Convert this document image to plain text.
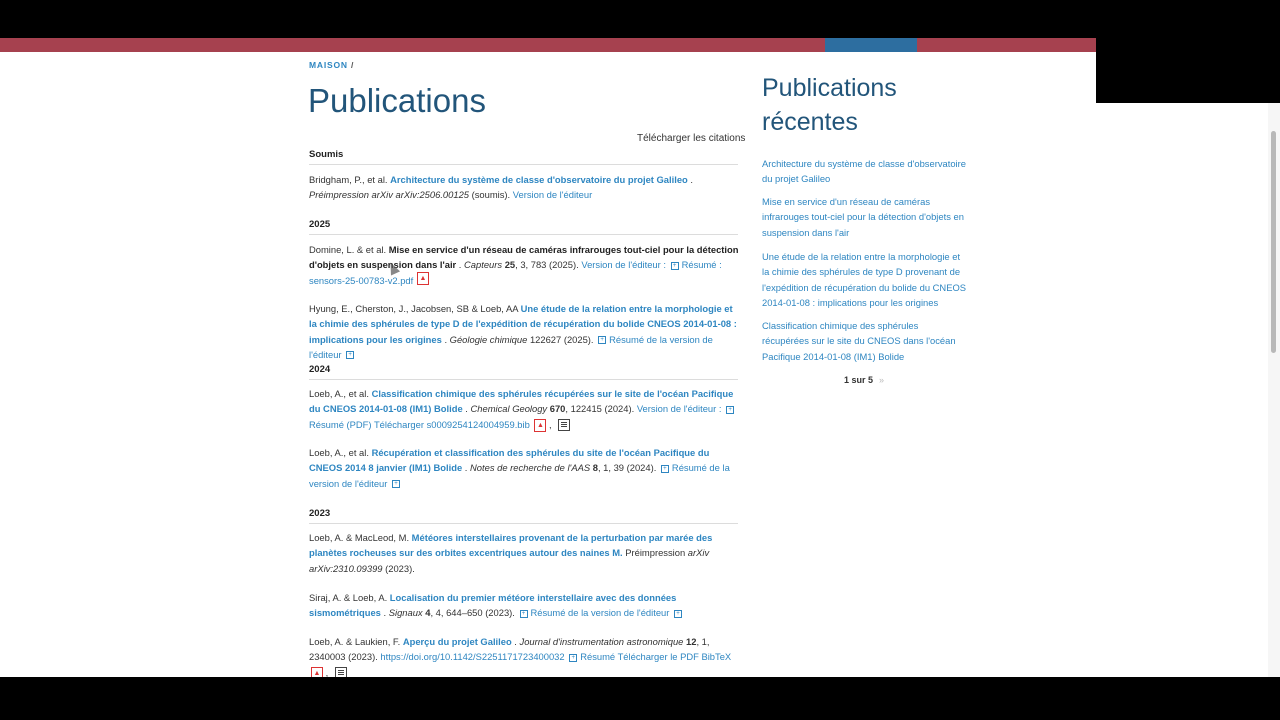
MAISON /
Publications
Télécharger les citations
Soumis
Bridgham, P., et al. Architecture du système de classe d'observatoire du projet Galileo . Préimpression arXiv arXiv:2506.00125 (soumis). Version de l'éditeur
2025
Domine, L. & et al. Mise en service d'un réseau de caméras infrarouges tout-ciel pour la détection d'objets en suspension dans l'air . Capteurs 25, 3, 783 (2025). Version de l'éditeur : + Résumé : sensors-25-00783-v2.pdf ▲
Hyung, E., Cherston, J., Jacobsen, SB & Loeb, AA Une étude de la relation entre la morphologie et la chimie des sphérules de type D de l'expédition de récupération du bolide CNEOS 2014-01-08 : implications pour les origines . Géologie chimique 122627 (2025). + Résumé de la version de l'éditeur +
2024
Loeb, A., et al. Classification chimique des sphérules récupérées sur le site de l'océan Pacifique du CNEOS 2014-01-08 (IM1) Bolide . Chemical Geology 670, 122415 (2024). Version de l'éditeur : +Résumé (PDF) Télécharger s0009254124004959.bib ▲ ,
Loeb, A., et al. Récupération et classification des sphérules du site de l'océan Pacifique du CNEOS 2014 8 janvier (IM1) Bolide . Notes de recherche de l'AAS 8, 1, 39 (2024). + Résumé de la version de l'éditeur +
2023
Loeb, A. & MacLeod, M. Météores interstellaires provenant de la perturbation par marée des planètes rocheuses sur des orbites excentriques autour des naines M. Préimpression arXiv arXiv:2310.09399 (2023).
Siraj, A. & Loeb, A. Localisation du premier météore interstellaire avec des données sismométriques . Signaux 4, 4, 644–650 (2023). + Résumé de la version de l'éditeur +
Loeb, A. & Laukien, F. Aperçu du projet Galileo . Journal d'instrumentation astronomique 12, 1, 2340003 (2023). https://doi.org/10.1142/S2251171723400032 + Résumé Télécharger le PDF BibTeX ▲ ,
Publications récentes
Architecture du système de classe d'observatoire du projet Galileo
Mise en service d'un réseau de caméras infrarouges tout-ciel pour la détection d'objets en suspension dans l'air
Une étude de la relation entre la morphologie et la chimie des sphérules de type D provenant de l'expédition de récupération du bolide du CNEOS 2014-01-08 : implications pour les origines
Classification chimique des sphérules récupérées sur le site du CNEOS dans l'océan Pacifique 2014-01-08 (IM1) Bolide
1 sur 5 »
